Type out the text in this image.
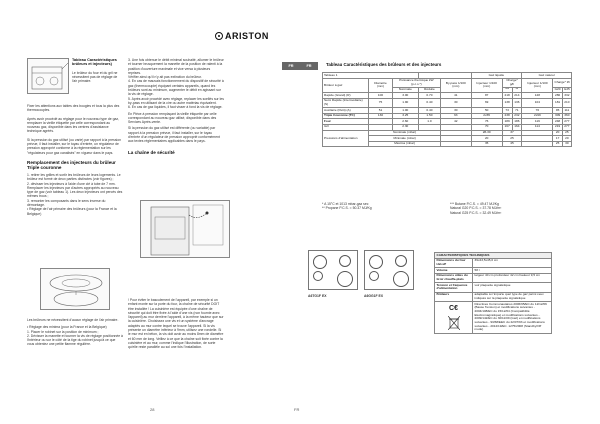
Tableau Caractéristiques brûleurs et injecteurs)
Le brûleur du four et du gril ne nécessitent pas de réglage de l'air primaire.

Fixer les attentions aux tables des bougies et tous la plus des thermocouples.

Après avoir procédé au réglage pour le nouveau type de gaz, remplacer la vieille étiquette par celle correspondant au nouveau gaz, disponible dans les centres d'assistance technique agréés.

Si la pression du gaz utilisé (ou varie) par rapport à la pression prévue, il faut installer, sur le tuyau d'entrée, un régulateur de pression approprié conforme à la réglementation sur les "régulateurs pour gaz canalisés" en vigueur dans le pays.

Remplacement des injecteurs du brûleur Triple couronne

1. retirer les grilles et sortir les brûleurs de leurs logements. Le brûleur est formé de deux parties distinctes (voir figures) ;
2. dévisser les injecteurs à l'aide d'une clé à tube de 7 mm. Remplacer les injecteurs par d'autres appropriés au nouveau type de gaz (voir tableau 1). Les deux injecteurs ont percés des mêmes trous ;
3. remonter les composants dans le sens inverse du démontage.
• Réglage de l'air primaire des brûleurs (pour la France et la Belgique)

Les brûleurs ne nécessitent d'aucun réglage de l'air primaire.

• Réglage des minima (pour la France et la Belgique)
1. Placer le robinet sur la position de minimum ;
2. Dévisser la manette et tourner la vis de réglage positionnée à l'intérieur ou sur le côté de la tige du robinet jusqu'à ce que vous obteniez une petite flamme régulière.
3. Une fois obtenue le débit minimal souhaité, allumer le brûleur et tourner brusquement la manette de la position de ralenti à la position d'ouverture maximale et vice versa à plusieurs reprises.
Vérifier ainsi qu'il n'y ait pas extinction du brûleur.
4. En cas de mauvais fonctionnement du dispositif de sécurité à gaz (thermocouple) équipant certains appareils, quand les brûleurs sont au minimum, augmenter le débit en agissant sur la vis de réglage.
5. Après avoir procédé avec réglage, replacer les scellés sur les by-pass en utilisant de la cire ou autre matériau équivalent.
6. En cas de gaz liquides, il faut visser à fond la vis de réglage.
En Pièce à pression remplaçant la vieille étiquette par celle correspondant au nouveau gaz utilisé, disponible dans des Services Après-vente.
Si la pression du gaz utilisé est différente (ou variable) par rapport à la pression prévue, il faut installer, sur le tuyau d'entrée d'un régulateur de pression approprié conformément aux textes réglementaires applicables dans le pays.

La chaîne de sécurité

! Pour éviter le basculement de l'appareil, par exemple si un enfant monte sur la porte du four, la chaîne de sécurité DOIT être installée ! La cuisinière est équipée d'une chaîne de sécurité qui doit être fixée à l'aide d'une vis (non fournie avec l'appareil) au mur derrière l'appareil, à la même hauteur que sur la cuisinière. Choisissez une vis et un système d'ancrage adaptés au mur contre lequel se trouve l'appareil. Si la vis présente un diamètre inférieur à 9mm, utilisez une rondelle. Si le mur est en béton, la vis doit avoir au moins 8mm de diamètre et 60 mm de long. Veillez à ce que la chaîne soit fixée contre la cuisinière et au mur, comme l'indique l'illustration, de sorte qu'elle reste parallèle au sol une fois l'installation.

FR
28
ARISTON
FR	Tableau Caractéristiques des brûleurs et des injecteurs
Tableau 1					Gaz liquide			Gaz naturel		
Brûleur à gaz	Diamètre (mm)	Puissance thermique kW (p.c.s.*)		By-pass 1/100 (mm)	Injecteur 1/100 (mm)	Charge* g/h		Injecteur 1/100 (mm)	Charge* l/h	
		Nominale	Réduite			***	**		G20	G25
Rapide (Grand) (R)	100	3.00	0.70	41	87	218	214	128	286	332
Semi Rapide (Intermédiaire) (S)	75	1.90	0.40	30	69	138	136	104	181	210
Auxiliaire (Petit) (A)	51	1.00	0.40	30	50	73	71	76	95	111
Triple Couronne (TC)	130	3.25	1.50	63	2x65	238	232	2x99	309	360
Four		2.60	1.0	42	76	189	186	119	248	277
Gril		2.30			70	167	164	114	219	277
Pressions d'alimentation	Nominale (mbar)				28-30	37			20	25
	Minimale (mbar)				20	25			17	20
	Maxima (mbar)				35	45			25	30
* A 15°C et 1013 mbar-gaz sec
** Propane P.C.S. = 50.37 MJ/Kg
*** Butane P.C.S. = 49.47 MJ/Kg
Natural G20 P.C.S. = 37.78 MJ/m³
Natural G25 P.C.S. = 32.49 MJ/m³
A6TG1F EX	A6GG1F EX
CARACTERISTIQUES TECHNIQUES	
Dimensions du four HxLxP	39x43,5x45,0 cm
Volume	58 l
Dimensions utiles du tiroir chauffe-plats	largeur 40 cm profondeur 42 cm hauteur 9,5 cm
Tension et fréquence d'alimentation	voir plaquette signalétique
Brûleurs	adaptable à n'importe quel type de gaz parmi ceux indiqués sur la plaquette signalétique

C€	Directives Communautaires 2006/95/EC du 12/12/06 (Basse Tension) et modifications suivantes - 2004/108/EC du 15/12/04 (Compatibilité Electromagnétique) et modifications suivantes - 2009/142/EC du 30/11/09 (Gaz) et modifications suivantes - 93/68/EEC du 22/07/93 et modifications suivantes - 2012/19/EC. 1275/2008 (Standby/Off mode)
FR
